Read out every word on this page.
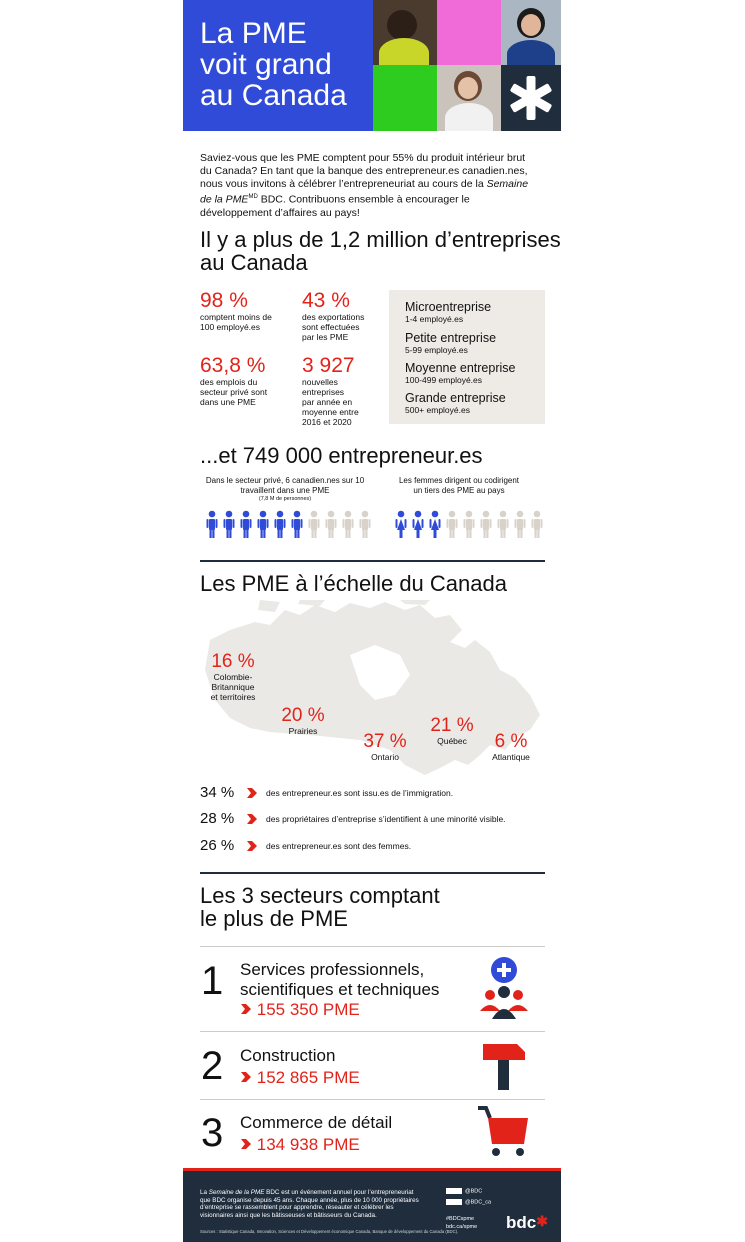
La PME
voit grand
au Canada
Saviez-vous que les PME comptent pour 55% du produit intérieur brut du Canada? En tant que la banque des entrepreneur.es canadien.nes, nous vous invitons à célébrer l’entrepreneuriat au cours de la Semaine de la $PME^{MD}$ BDC. Contribuons ensemble à encourager le développement d’affaires au pays!
Il y a plus de 1,2 million d’entreprises
au Canada
98 %
comptent moins de
100 employé.es
43 %
des exportations
sont effectuées
par les PME
63,8 %
des emplois du
secteur privé sont
dans une PME
3 927
nouvelles
entreprises
par année en
moyenne entre
2016 et 2020
Microentreprise
1-4 employé.es
Petite entreprise
5-99 employé.es
Moyenne entreprise
100-499 employé.es
Grande entreprise
500+ employé.es
...et 749 000 entrepreneur.es
Dans le secteur privé, 6 canadien.nes sur 10
travaillent dans une PME
(7,8 M de personnes)
Les femmes dirigent ou codirigent
un tiers des PME au pays
Les PME à l’échelle du Canada
16 %
Colombie-Britannique
et territoires
20 %
Prairies	37 %
Ontario
21 %
Québec	6 %
Atlantique
34 %	des entrepreneur.es sont issu.es de l’immigration.
28 %	des propriétaires d’entreprise s’identifient à une minorité visible.
26 %	des entrepreneur.es sont des femmes.
Les 3 secteurs comptant
le plus de PME
1 Services professionnels,
scientifiques et techniques
155 350 PME
2 Construction
152 865 PME
3 Commerce de détail
134 938 PME
La Semaine de la PME BDC est un événement annuel pour l’entrepreneuriat que BDC organise depuis 45 ans. Chaque année, plus de 10 000 propriétaires d’entreprise se rassemblent pour apprendre, réseauter et célébrer les visionnaires ainsi que les bâtisseuses et bâtisseurs du Canada.
Sources : Statistique Canada, Innovation, Sciences et Développement économique Canada, Banque de développement du Canada (BDC).
@BDC
@BDC_ca
#BDCspme
bdc.ca/spme bdc✱
